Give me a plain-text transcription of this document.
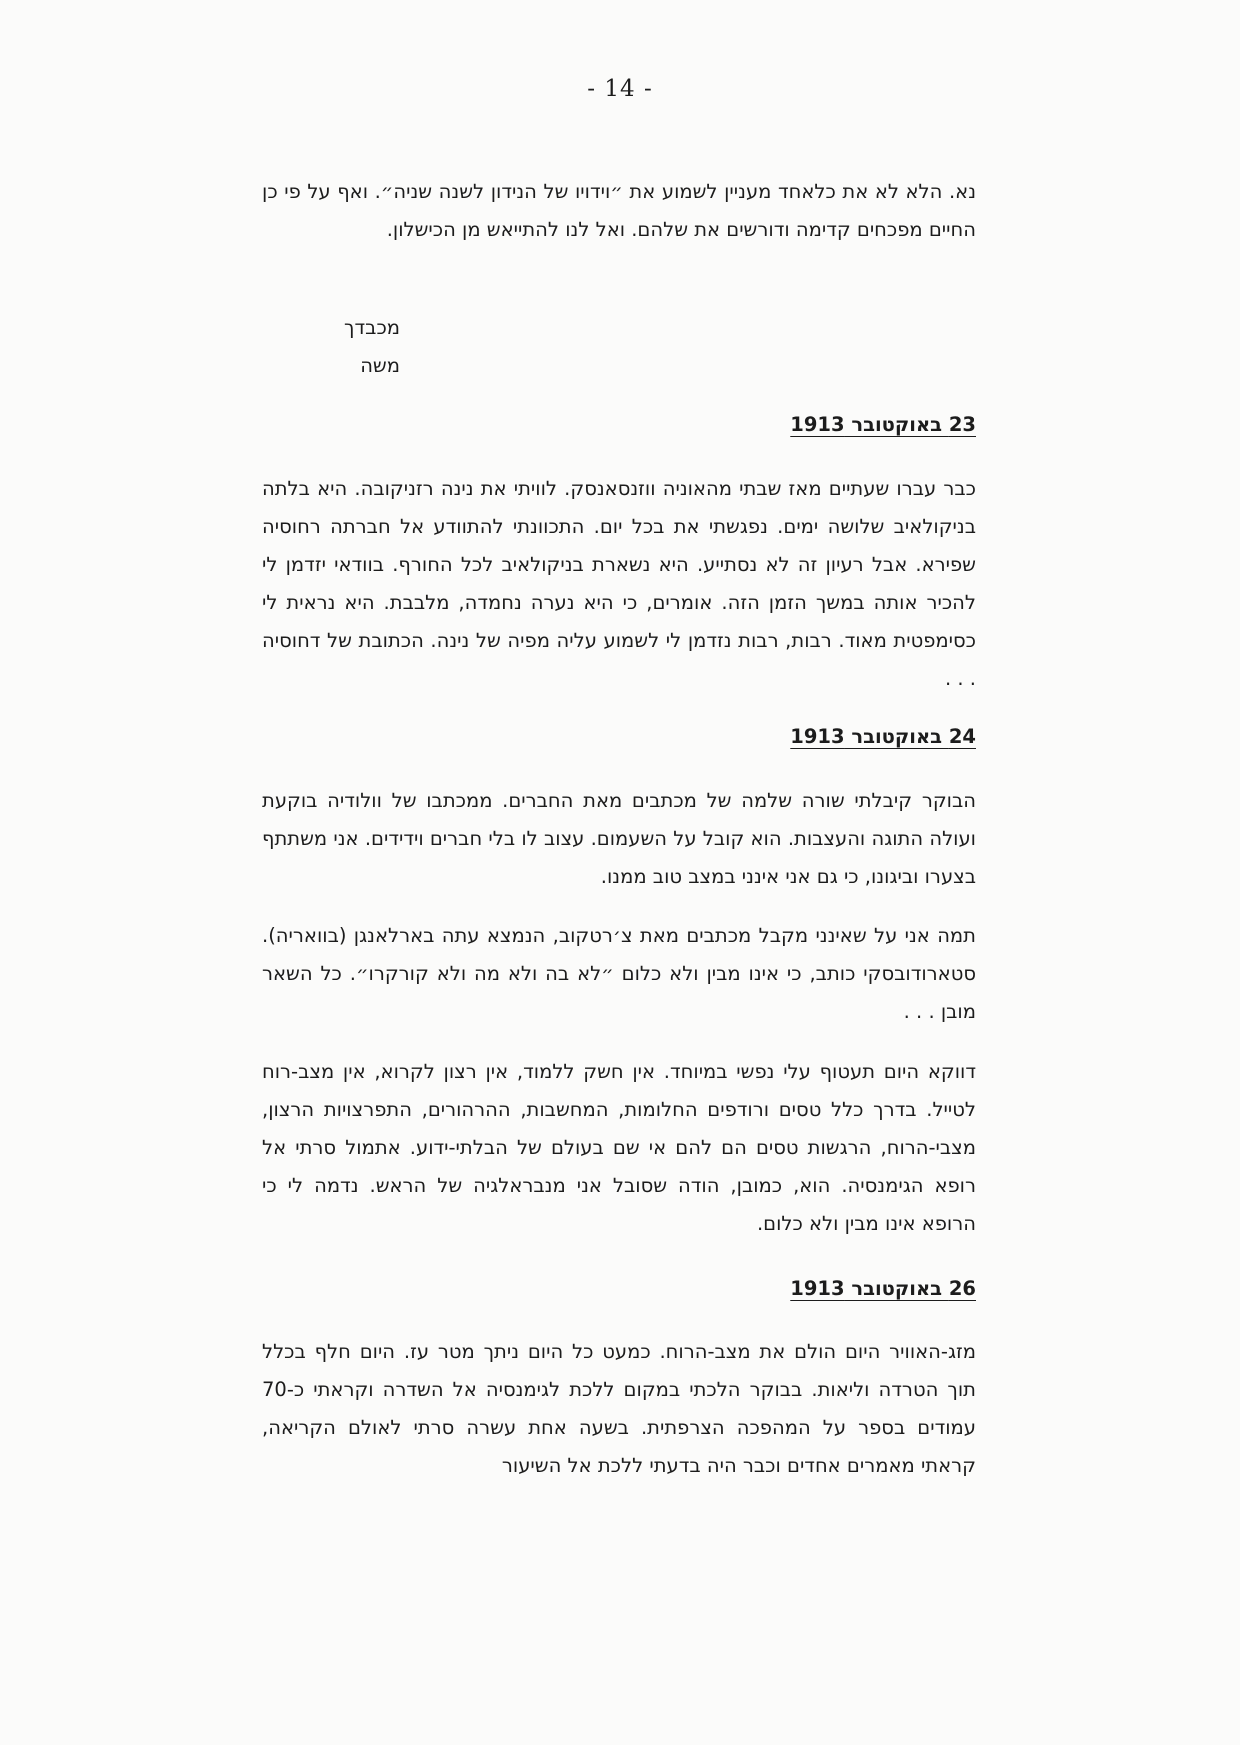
- 14 -

נא. הלא לא את כלאחד מעניין לשמוע את ״וידויו של הנידון לשנה שניה״. ואף על פי כן החיים מפכחים קדימה ודורשים את שלהם. ואל לנו להתייאש מן הכישלון.

מכבדך
משה
23 באוקטובר 1913

כבר עברו שעתיים מאז שבתי מהאוניה ווזנסאנסק. לוויתי את נינה רזניקובה. היא בלתה בניקולאיב שלושה ימים. נפגשתי את בכל יום. התכוונתי להתוודע אל חברתה רחוסיה שפירא. אבל רעיון זה לא נסתייע. היא נשארת בניקולאיב לכל החורף. בוודאי יזדמן לי להכיר אותה במשך הזמן הזה. אומרים, כי היא נערה נחמדה, מלבבת. היא נראית לי כסימפטית מאוד. רבות, רבות נזדמן לי לשמוע עליה מפיה של נינה. הכתובת של דחוסיה . . .

24 באוקטובר 1913

הבוקר קיבלתי שורה שלמה של מכתבים מאת החברים. ממכתבו של וולודיה בוקעת ועולה התוגה והעצבות. הוא קובל על השעמום. עצוב לו בלי חברים וידידים. אני משתתף בצערו וביגונו, כי גם אני אינני במצב טוב ממנו.

תמה אני על שאינני מקבל מכתבים מאת צ׳רטקוב, הנמצא עתה בארלאנגן (בוואריה). סטארודובסקי כותב, כי אינו מבין ולא כלום ״לא בה ולא מה ולא קורקרו״. כל השאר מובן . . .

דווקא היום תעטוף עלי נפשי במיוחד. אין חשק ללמוד, אין רצון לקרוא, אין מצב-רוח לטייל. בדרך כלל טסים ורודפים החלומות, המחשבות, ההרהורים, התפרצויות הרצון, מצבי-הרוח, הרגשות טסים הם להם אי שם בעולם של הבלתי-ידוע. אתמול סרתי אל רופא הגימנסיה. הוא, כמובן, הודה שסובל אני מנבראלגיה של הראש. נדמה לי כי הרופא אינו מבין ולא כלום.

26 באוקטובר 1913

מזג-האוויר היום הולם את מצב-הרוח. כמעט כל היום ניתך מטר עז. היום חלף בכלל תוך הטרדה וליאות. בבוקר הלכתי במקום ללכת לגימנסיה אל השדרה וקראתי כ-70 עמודים בספר על המהפכה הצרפתית. בשעה אחת עשרה סרתי לאולם הקריאה, קראתי מאמרים אחדים וכבר היה בדעתי ללכת אל השיעור
